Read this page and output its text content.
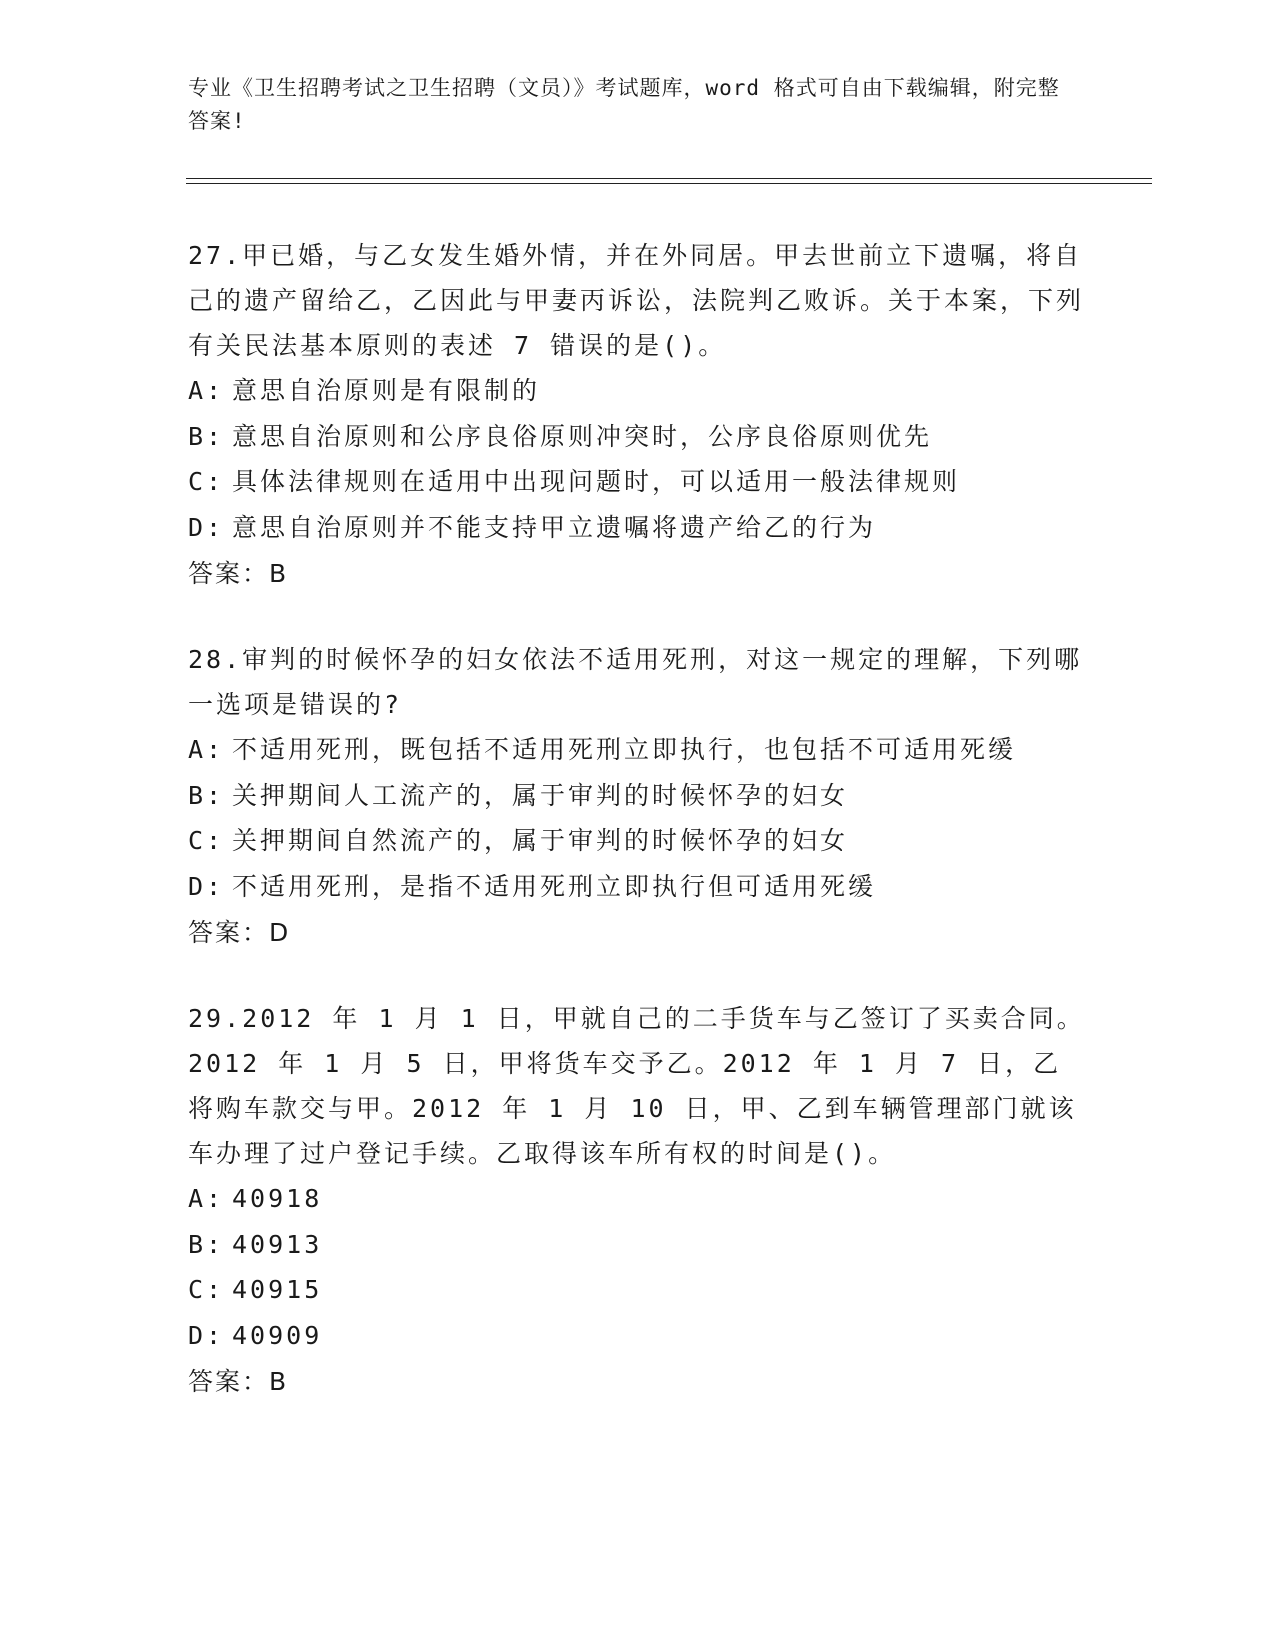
专业《卫生招聘考试之卫生招聘（文员）》考试题库，word 格式可自由下载编辑，附完整答案!

27.甲已婚，与乙女发生婚外情，并在外同居。甲去世前立下遗嘱，将自己的遗产留给乙，乙因此与甲妻丙诉讼，法院判乙败诉。关于本案，下列有关民法基本原则的表述 7 错误的是()。

A: 意思自治原则是有限制的

B: 意思自治原则和公序良俗原则冲突时，公序良俗原则优先

C: 具体法律规则在适用中出现问题时，可以适用一般法律规则

D: 意思自治原则并不能支持甲立遗嘱将遗产给乙的行为

答案：B

28.审判的时候怀孕的妇女依法不适用死刑，对这一规定的理解，下列哪一选项是错误的?

A: 不适用死刑，既包括不适用死刑立即执行，也包括不可适用死缓

B: 关押期间人工流产的，属于审判的时候怀孕的妇女

C: 关押期间自然流产的，属于审判的时候怀孕的妇女

D: 不适用死刑，是指不适用死刑立即执行但可适用死缓

答案：D

29.2012 年 1 月 1 日，甲就自己的二手货车与乙签订了买卖合同。2012 年 1 月 5 日，甲将货车交予乙。2012 年 1 月 7 日，乙将购车款交与甲。2012 年 1 月 10 日，甲、乙到车辆管理部门就该车办理了过户登记手续。乙取得该车所有权的时间是()。

A: 40918

B: 40913

C: 40915

D: 40909

答案：B
